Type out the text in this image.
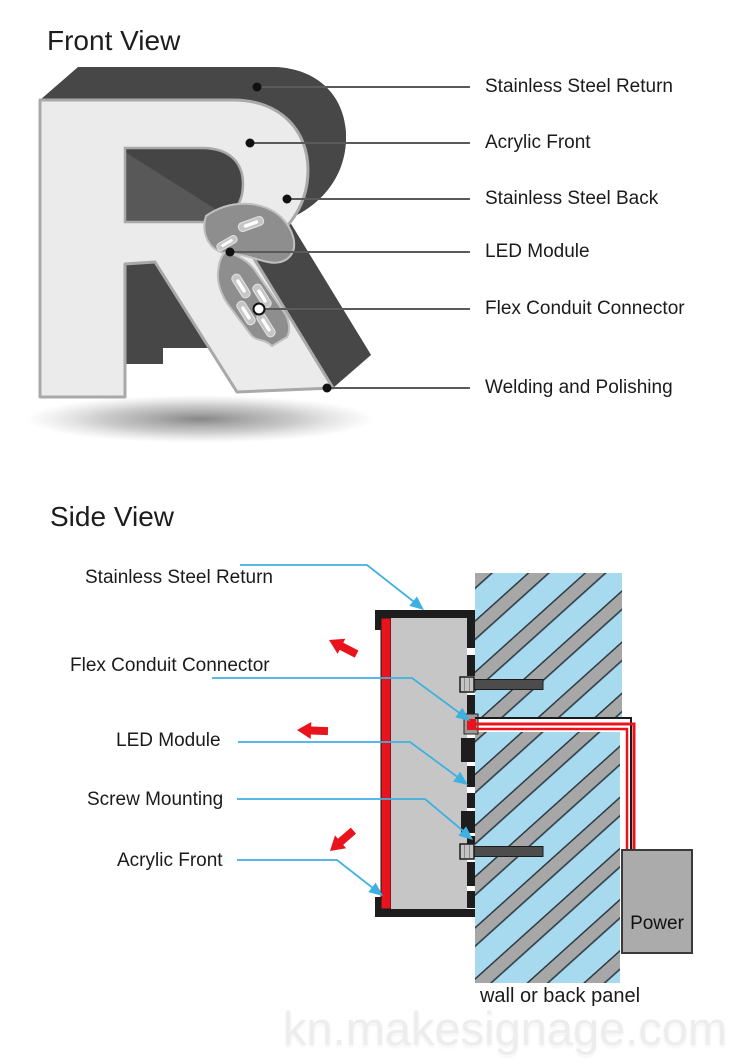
Front View
Side View
Stainless Steel Return
Acrylic Front
Stainless Steel Back
LED Module
Flex Conduit Connector
Welding and Polishing
Stainless Steel Return
Flex Conduit Connector
LED Module
Screw Mounting
Acrylic Front
wall or back panel
Power
kn.makesignage.com
